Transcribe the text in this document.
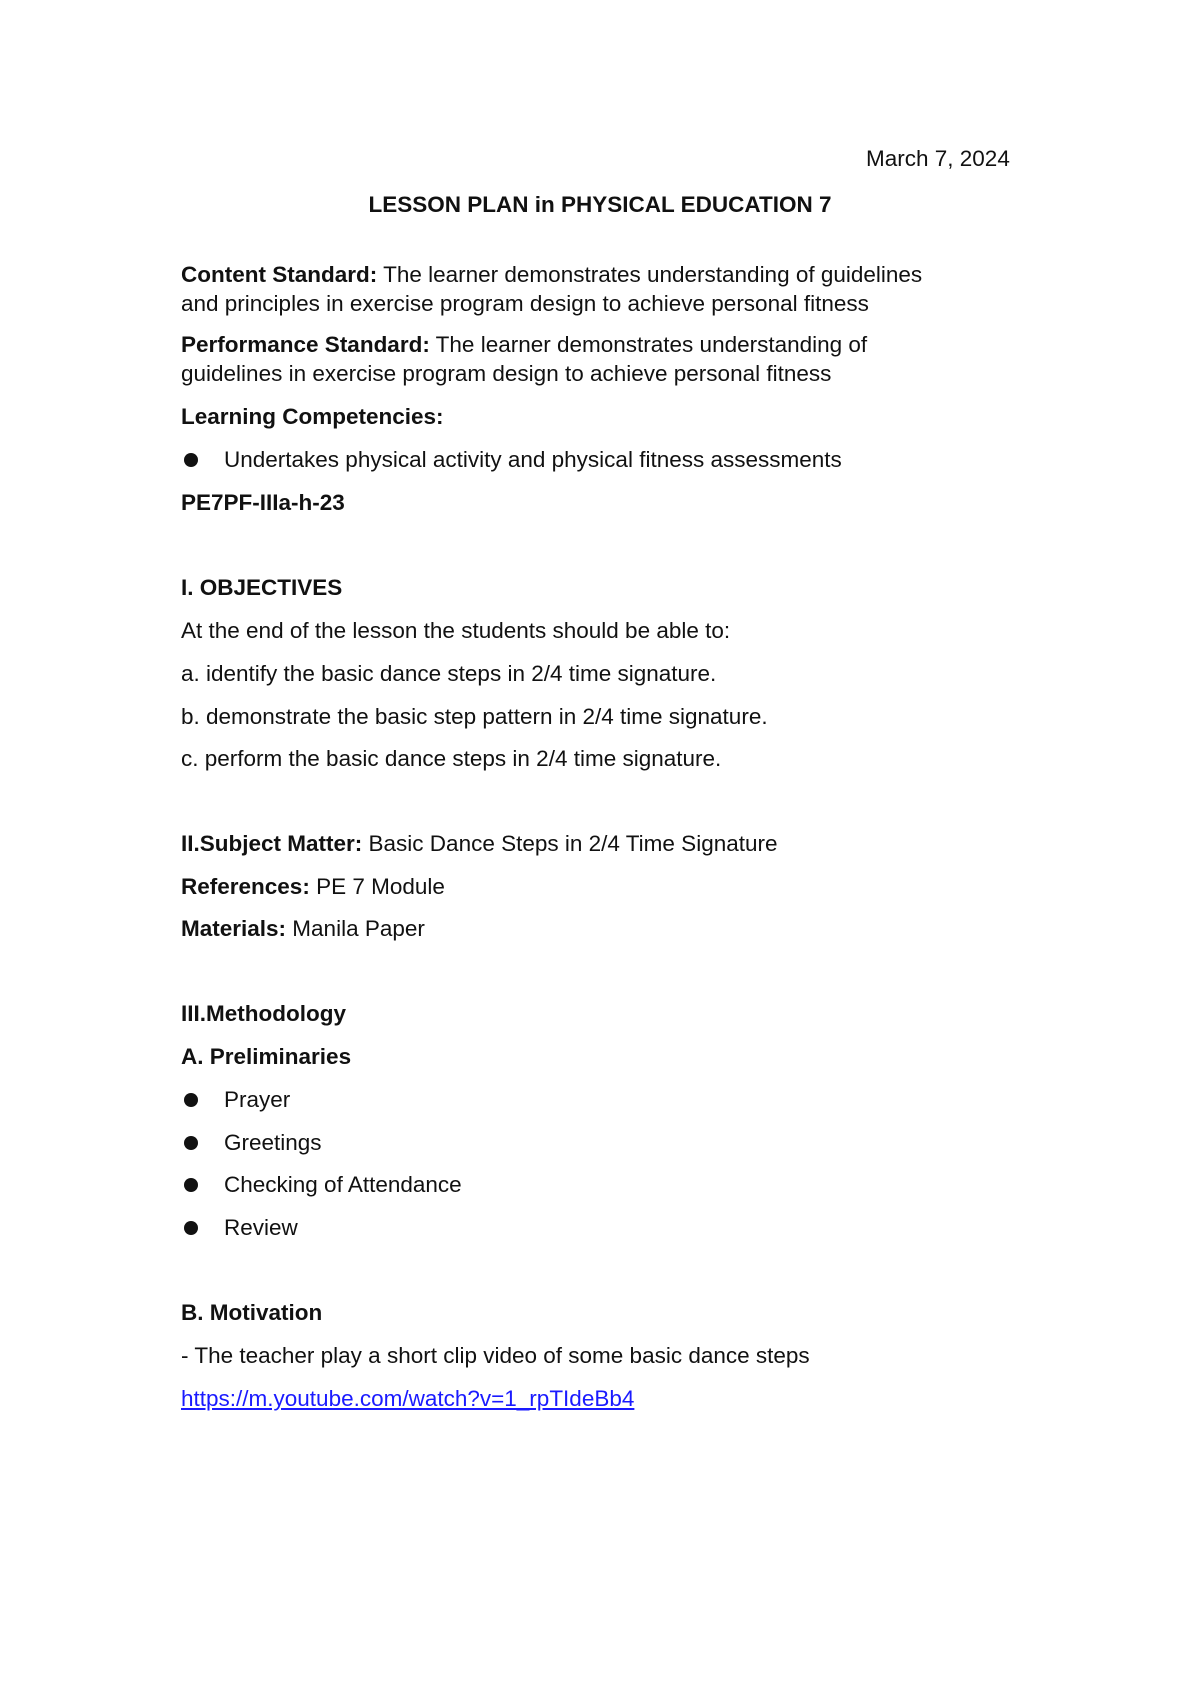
March 7, 2024
LESSON PLAN in PHYSICAL EDUCATION 7
Content Standard: The learner demonstrates understanding of guidelines
and principles in exercise program design to achieve personal fitness
Performance Standard: The learner demonstrates understanding of
guidelines in exercise program design to achieve personal fitness
Learning Competencies:
Undertakes physical activity and physical fitness assessments
PE7PF-IIIa-h-23
I. OBJECTIVES
At the end of the lesson the students should be able to:
a. identify the basic dance steps in 2/4 time signature.
b. demonstrate the basic step pattern in 2/4 time signature.
c. perform the basic dance steps in 2/4 time signature.
II.Subject Matter: Basic Dance Steps in 2/4 Time Signature
References: PE 7 Module
Materials: Manila Paper
III.Methodology
A. Preliminaries
Prayer
Greetings
Checking of Attendance
Review
B. Motivation
- The teacher play a short clip video of some basic dance steps
https://m.youtube.com/watch?v=1_rpTIdeBb4
